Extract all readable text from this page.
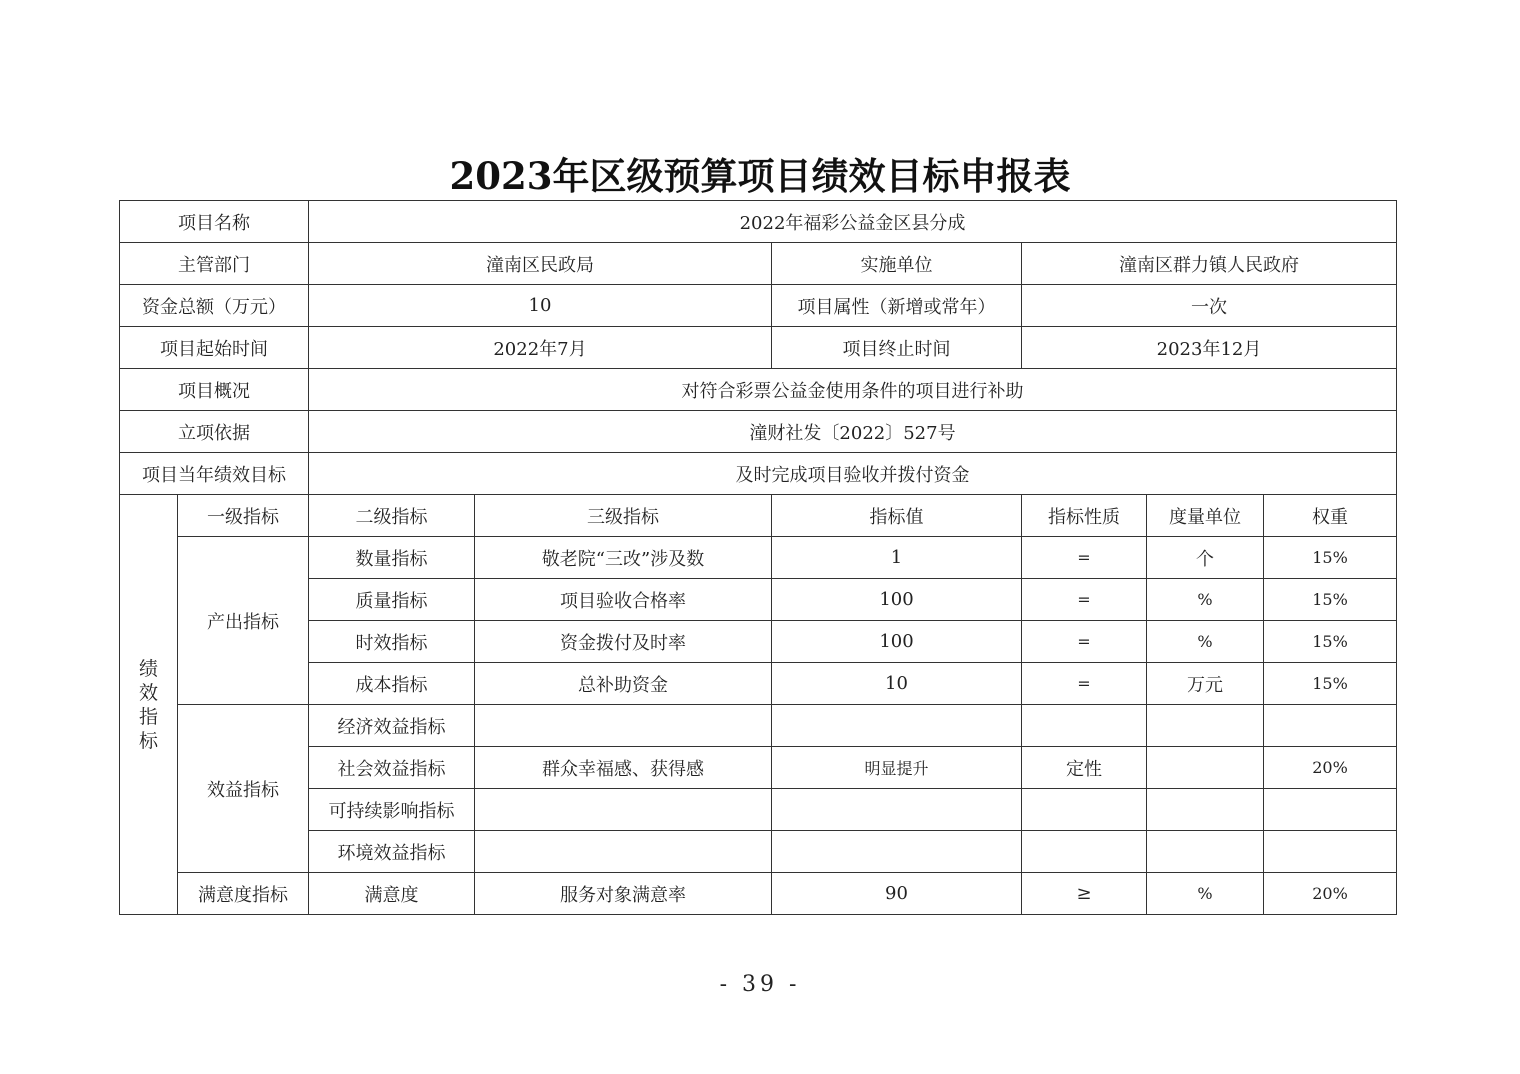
2023年区级预算项目绩效目标申报表
项目名称		2022年福彩公益金区县分成					
主管部门		潼南区民政局		实施单位	潼南区群力镇人民政府		
资金总额（万元）		10		项目属性（新增或常年）	一次		
项目起始时间		2022年7月		项目终止时间	2023年12月		
项目概况		对符合彩票公益金使用条件的项目进行补助					
立项依据		潼财社发〔2022〕527号					
项目当年绩效目标		及时完成项目验收并拨付资金					

绩
效
指
标	一级指标	二级指标	三级指标	指标值	指标性质	度量单位	权重
	产出指标	数量指标	敬老院“三改”涉及数	1	=	个	15%
		质量指标	项目验收合格率	100	=	%	15%
		时效指标	资金拨付及时率	100	=	%	15%
		成本指标	总补助资金	10	=	万元	15%
	效益指标	经济效益指标					
		社会效益指标	群众幸福感、获得感	明显提升	定性		20%
		可持续影响指标					
		环境效益指标					
	满意度指标	满意度	服务对象满意率	90	≥	%	20%
- 39 -
